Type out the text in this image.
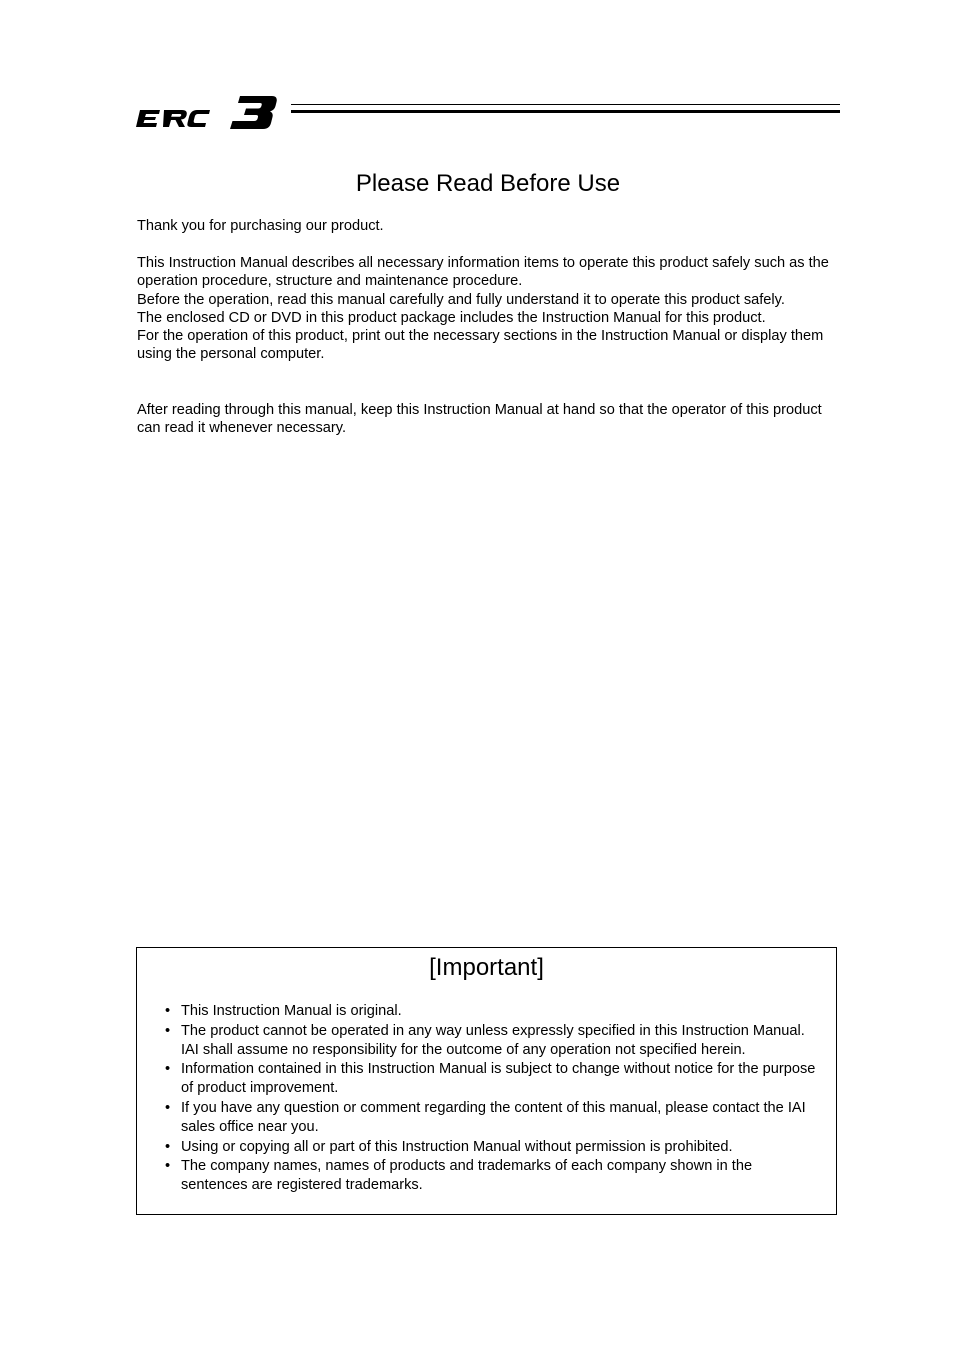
Please Read Before Use

Thank you for purchasing our product.

This Instruction Manual describes all necessary information items to operate this product safely such as the operation procedure, structure and maintenance procedure.
Before the operation, read this manual carefully and fully understand it to operate this product safely.
The enclosed CD or DVD in this product package includes the Instruction Manual for this product.
For the operation of this product, print out the necessary sections in the Instruction Manual or display them using the personal computer.

After reading through this manual, keep this Instruction Manual at hand so that the operator of this product can read it whenever necessary.

[Important]
• This Instruction Manual is original.
• The product cannot be operated in any way unless expressly specified in this Instruction Manual. IAI shall assume no responsibility for the outcome of any operation not specified herein.
• Information contained in this Instruction Manual is subject to change without notice for the purpose of product improvement.
• If you have any question or comment regarding the content of this manual, please contact the IAI sales office near you.
• Using or copying all or part of this Instruction Manual without permission is prohibited.
• The company names, names of products and trademarks of each company shown in the sentences are registered trademarks.
